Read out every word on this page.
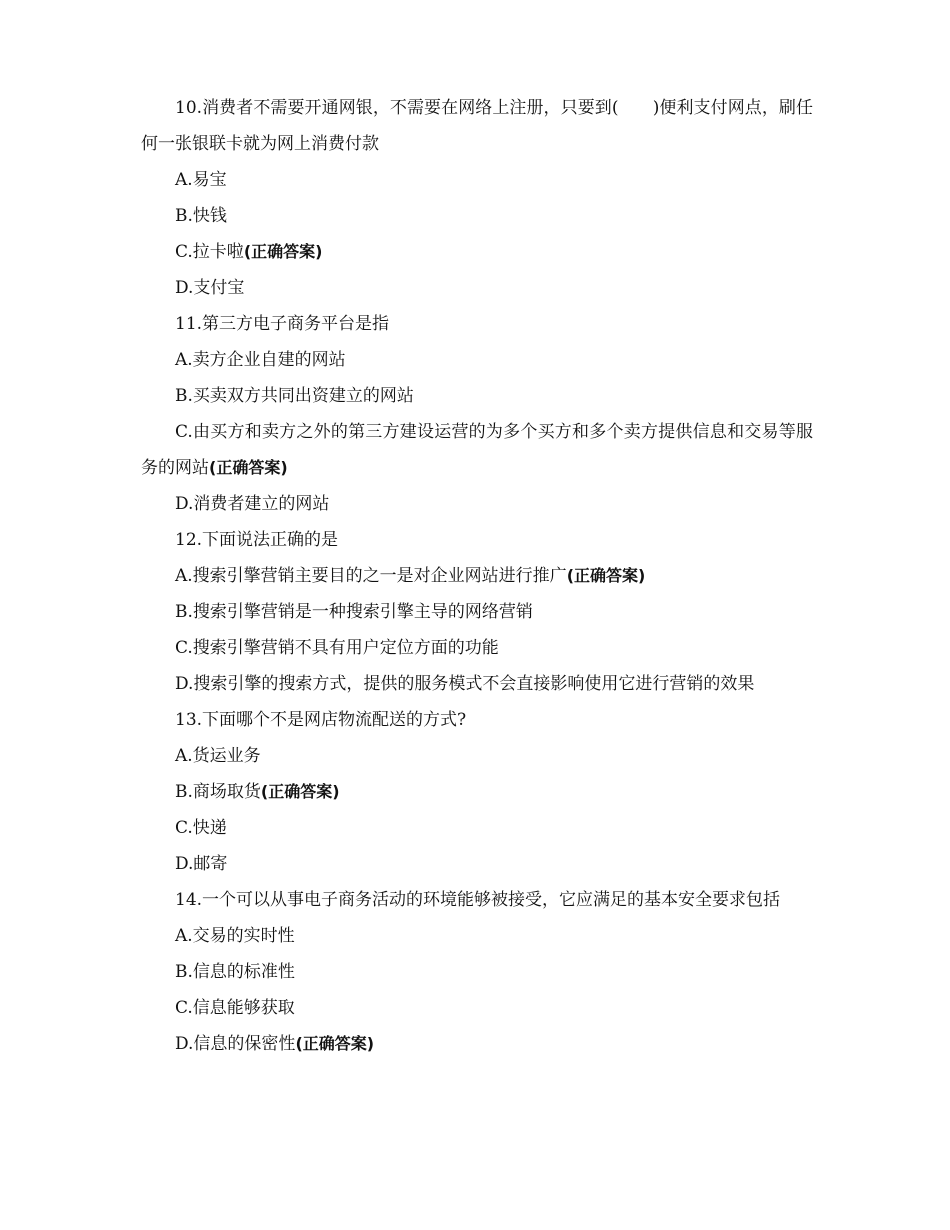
10.消费者不需要开通网银，不需要在网络上注册，只要到(　　)便利支付网点，刷任何一张银联卡就为网上消费付款

A.易宝

B.快钱

C.拉卡啦(正确答案)

D.支付宝

11.第三方电子商务平台是指

A.卖方企业自建的网站

B.买卖双方共同出资建立的网站

C.由买方和卖方之外的第三方建设运营的为多个买方和多个卖方提供信息和交易等服务的网站(正确答案)

D.消费者建立的网站

12.下面说法正确的是

A.搜索引擎营销主要目的之一是对企业网站进行推广(正确答案)

B.搜索引擎营销是一种搜索引擎主导的网络营销

C.搜索引擎营销不具有用户定位方面的功能

D.搜索引擎的搜索方式，提供的服务模式不会直接影响使用它进行营销的效果

13.下面哪个不是网店物流配送的方式?

A.货运业务

B.商场取货(正确答案)

C.快递

D.邮寄

14.一个可以从事电子商务活动的环境能够被接受，它应满足的基本安全要求包括

A.交易的实时性

B.信息的标准性

C.信息能够获取

D.信息的保密性(正确答案)
